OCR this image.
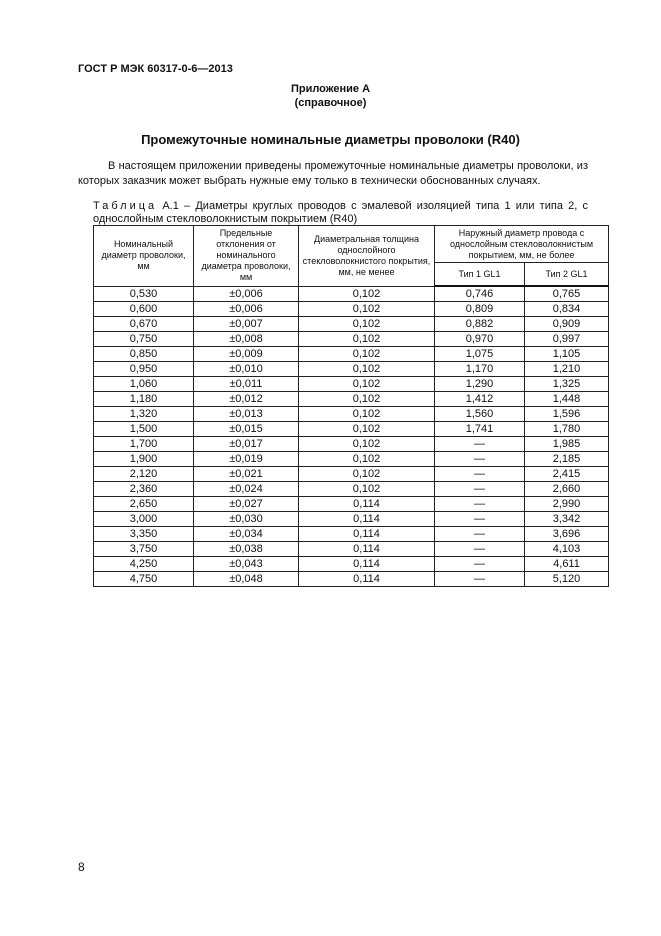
ГОСТ Р МЭК 60317-0-6—2013
Приложение А
(справочное)
Промежуточные номинальные диаметры проволоки (R40)
В настоящем приложении приведены промежуточные номинальные диаметры проволоки, из которых заказчик может выбрать нужные ему только в технически обоснованных случаях.
Таблица А.1 – Диаметры круглых проводов с эмалевой изоляцией типа 1 или типа 2, с однослойным стекловолокнистым покрытием (R40)
Номинальный диаметр проволоки, мм	Предельные отклонения от номинального диаметра проволоки, мм	Диаметральная толщина однослойного стекловолокнистого покрытия, мм, не менее	Наружный диаметр провода с однослойным стекловолокнистым покрытием, мм, не более	
			Тип 1 GL1	Тип 2 GL1
0,530	±0,006	0,102	0,746	0,765
0,600	±0,006	0,102	0,809	0,834
0,670	±0,007	0,102	0,882	0,909
0,750	±0,008	0,102	0,970	0,997
0,850	±0,009	0,102	1,075	1,105
0,950	±0,010	0,102	1,170	1,210
1,060	±0,011	0,102	1,290	1,325
1,180	±0,012	0,102	1,412	1,448
1,320	±0,013	0,102	1,560	1,596
1,500	±0,015	0,102	1,741	1,780
1,700	±0,017	0,102	—	1,985
1,900	±0,019	0,102	—	2,185
2,120	±0,021	0,102	—	2,415
2,360	±0,024	0,102	—	2,660
2,650	±0,027	0,114	—	2,990
3,000	±0,030	0,114	—	3,342
3,350	±0,034	0,114	—	3,696
3,750	±0,038	0,114	—	4,103
4,250	±0,043	0,114	—	4,611
4,750	±0,048	0,114	—	5,120
8
